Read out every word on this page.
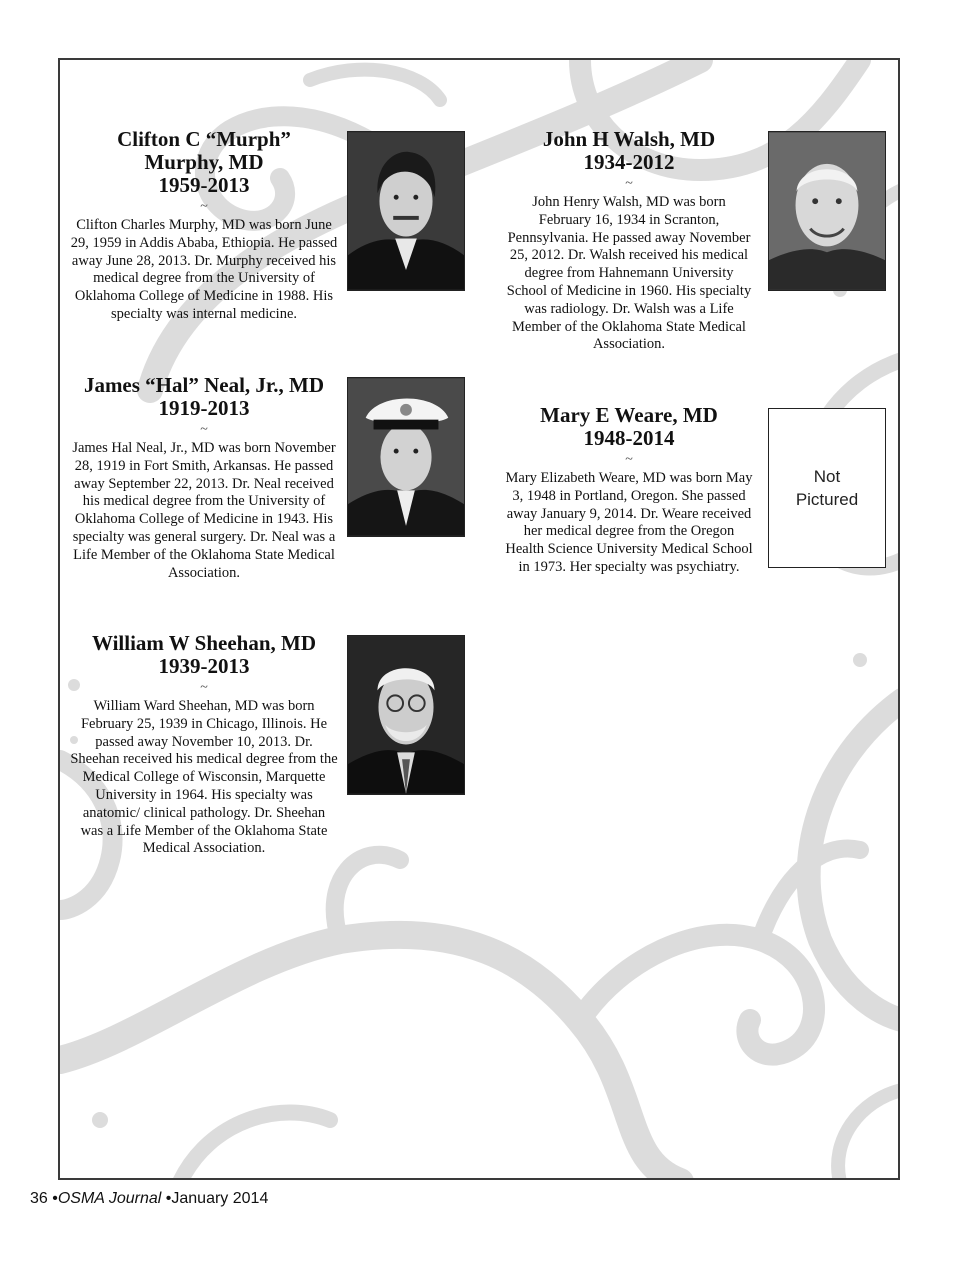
Clifton C “Murph” Murphy, MD
1959-2013
~
Clifton Charles Murphy, MD was born June 29, 1959 in Addis Ababa, Ethiopia. He passed away June 28, 2013. Dr. Murphy received his medical degree from the University of Oklahoma College of Medicine in 1988. His specialty was internal medicine.
James “Hal” Neal, Jr., MD
1919-2013
~
James Hal Neal, Jr., MD was born November 28, 1919 in Fort Smith, Arkansas. He passed away September 22, 2013. Dr. Neal received his medical degree from the University of Oklahoma College of Medicine in 1943. His specialty was general surgery. Dr. Neal was a Life Member of the Oklahoma State Medical Association.
William W Sheehan, MD
1939-2013
~
William Ward Sheehan, MD was born February 25, 1939 in Chicago, Illinois. He passed away November 10, 2013. Dr. Sheehan received his medical degree from the Medical College of Wisconsin, Marquette University in 1964. His specialty was anatomic/ clinical pathology. Dr. Sheehan was a Life Member of the Oklahoma State Medical Association.
John H Walsh, MD
1934-2012
~
John Henry Walsh, MD was born February 16, 1934 in Scranton, Pennsylvania. He passed away November 25, 2012. Dr. Walsh received his medical degree from Hahnemann University School of Medicine in 1960. His specialty was radiology. Dr. Walsh was a Life Member of the Oklahoma State Medical Association.
Mary E Weare, MD
1948-2014
~
Mary Elizabeth Weare, MD was born May 3, 1948 in Portland, Oregon. She passed away January 9, 2014. Dr. Weare received her medical degree from the Oregon Health Science University Medical School in 1973. Her specialty was psychiatry.
Not
Pictured
36 •OSMA Journal •January 2014
